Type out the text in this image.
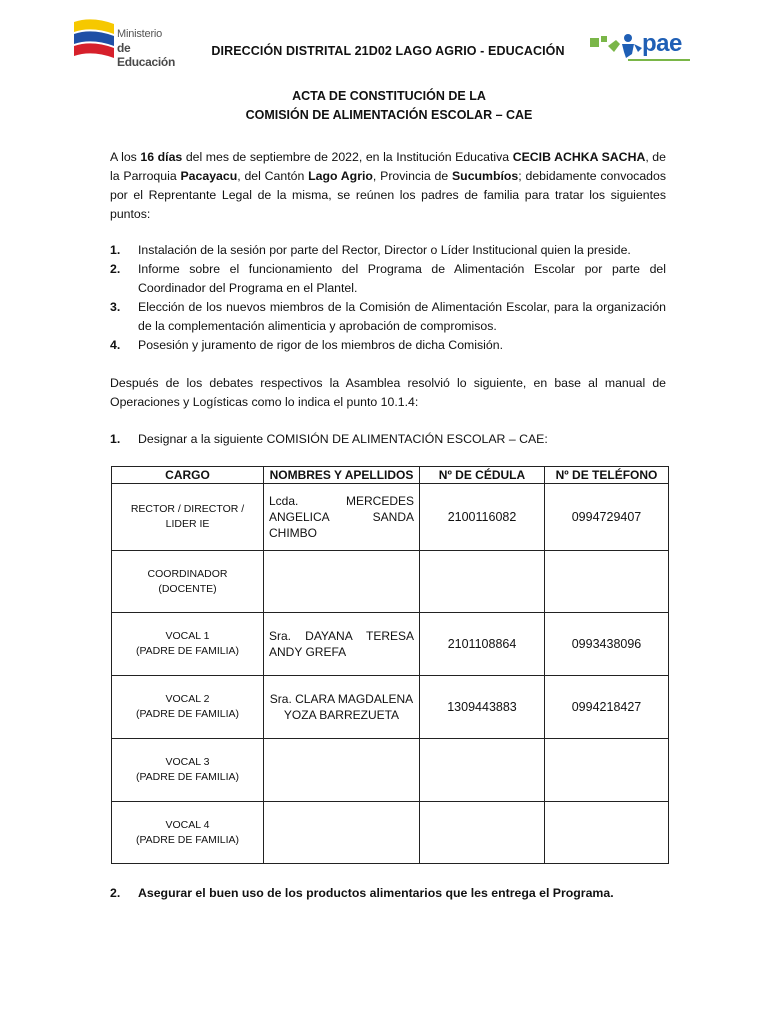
Ministerio
de Educación
DIRECCIÓN DISTRITAL 21D02 LAGO AGRIO - EDUCACIÓN	pae
ACTA DE CONSTITUCIÓN DE LA
COMISIÓN DE ALIMENTACIÓN ESCOLAR – CAE
A los 16 días del mes de septiembre de 2022, en la Institución Educativa CECIB ACHKA SACHA, de la Parroquia Pacayacu, del Cantón Lago Agrio, Provincia de Sucumbíos; debidamente convocados por el Reprentante Legal de la misma, se reúnen los padres de familia para tratar los siguientes puntos:
1.	Instalación de la sesión por parte del Rector, Director o Líder Institucional quien la preside.
2.	Informe sobre el funcionamiento del Programa de Alimentación Escolar por parte del Coordinador del Programa en el Plantel.
3.	Elección de los nuevos miembros de la Comisión de Alimentación Escolar, para la organización de la complementación alimenticia y aprobación de compromisos.
4.	Posesión y juramento de rigor de los miembros de dicha Comisión.
Después de los debates respectivos la Asamblea resolvió lo siguiente, en base al manual de Operaciones y Logísticas como lo indica el punto 10.1.4:
1.	Designar a la siguiente COMISIÓN DE ALIMENTACIÓN ESCOLAR – CAE:
CARGO	NOMBRES Y APELLIDOS	Nº DE CÉDULA	Nº DE TELÉFONO
RECTOR / DIRECTOR /
LIDER IE	Lcda. MERCEDES ANGELICA SANDA CHIMBO	2100116082	0994729407
COORDINADOR
(DOCENTE)			
VOCAL 1
(PADRE DE FAMILIA)	Sra. DAYANA TERESA ANDY GREFA	2101108864	0993438096
VOCAL 2
(PADRE DE FAMILIA)	Sra. CLARA MAGDALENA YOZA BARREZUETA	1309443883	0994218427
VOCAL 3
(PADRE DE FAMILIA)			
VOCAL 4
(PADRE DE FAMILIA)			
2.	Asegurar el buen uso de los productos alimentarios que les entrega el Programa.
